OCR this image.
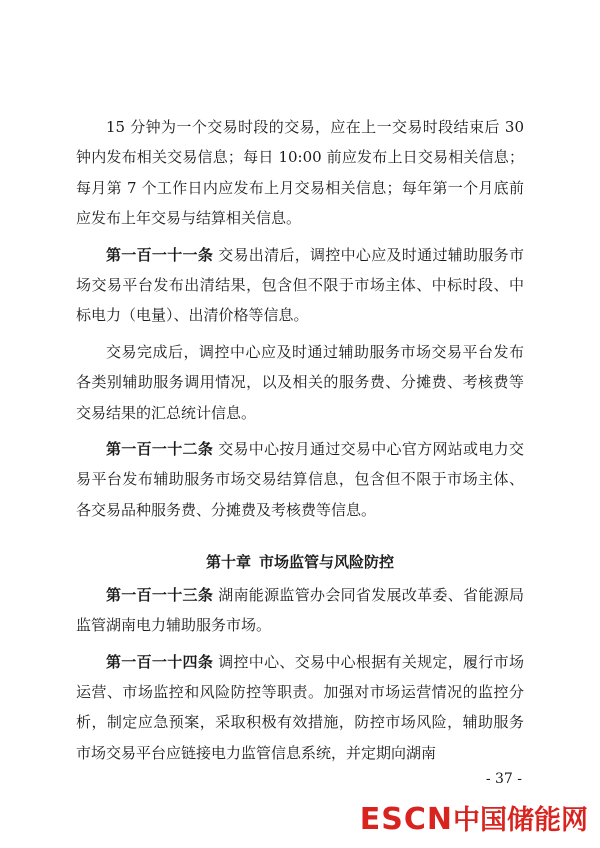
15 分钟为一个交易时段的交易，应在上一交易时段结束后 30 钟内发布相关交易信息；每日 10:00 前应发布上日交易相关信息；每月第 7 个工作日内应发布上月交易相关信息；每年第一个月底前应发布上年交易与结算相关信息。

第一百一十一条 交易出清后，调控中心应及时通过辅助服务市场交易平台发布出清结果，包含但不限于市场主体、中标时段、中标电力（电量）、出清价格等信息。

交易完成后，调控中心应及时通过辅助服务市场交易平台发布各类别辅助服务调用情况，以及相关的服务费、分摊费、考核费等交易结果的汇总统计信息。

第一百一十二条 交易中心按月通过交易中心官方网站或电力交易平台发布辅助服务市场交易结算信息，包含但不限于市场主体、各交易品种服务费、分摊费及考核费等信息。

第十章 市场监管与风险防控

第一百一十三条 湖南能源监管办会同省发展改革委、省能源局监管湖南电力辅助服务市场。

第一百一十四条 调控中心、交易中心根据有关规定，履行市场运营、市场监控和风险防控等职责。加强对市场运营情况的监控分析，制定应急预案，采取积极有效措施，防控市场风险，辅助服务市场交易平台应链接电力监管信息系统，并定期向湖南

- 37 -
ESCN中国储能网
